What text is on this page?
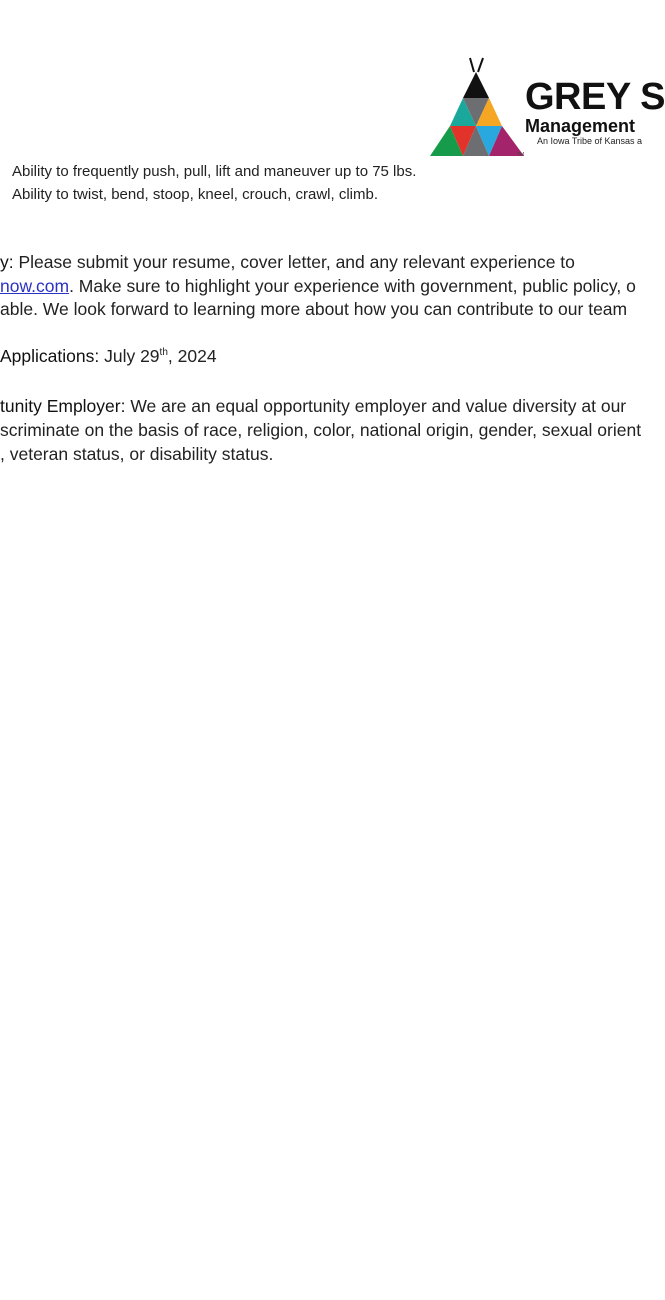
TM
GREY S
Management
An Iowa Tribe of Kansas a
Ability to frequently push, pull, lift and maneuver up to 75 lbs.
Ability to twist, bend, stoop, kneel, crouch, crawl, climb.
y: Please submit your resume, cover letter, and any relevant experience to
now.com. Make sure to highlight your experience with government, public policy, o
able. We look forward to learning more about how you can contribute to our team
Applications: July 29th, 2024
tunity Employer: We are an equal opportunity employer and value diversity at our
scriminate on the basis of race, religion, color, national origin, gender, sexual orient
, veteran status, or disability status.
